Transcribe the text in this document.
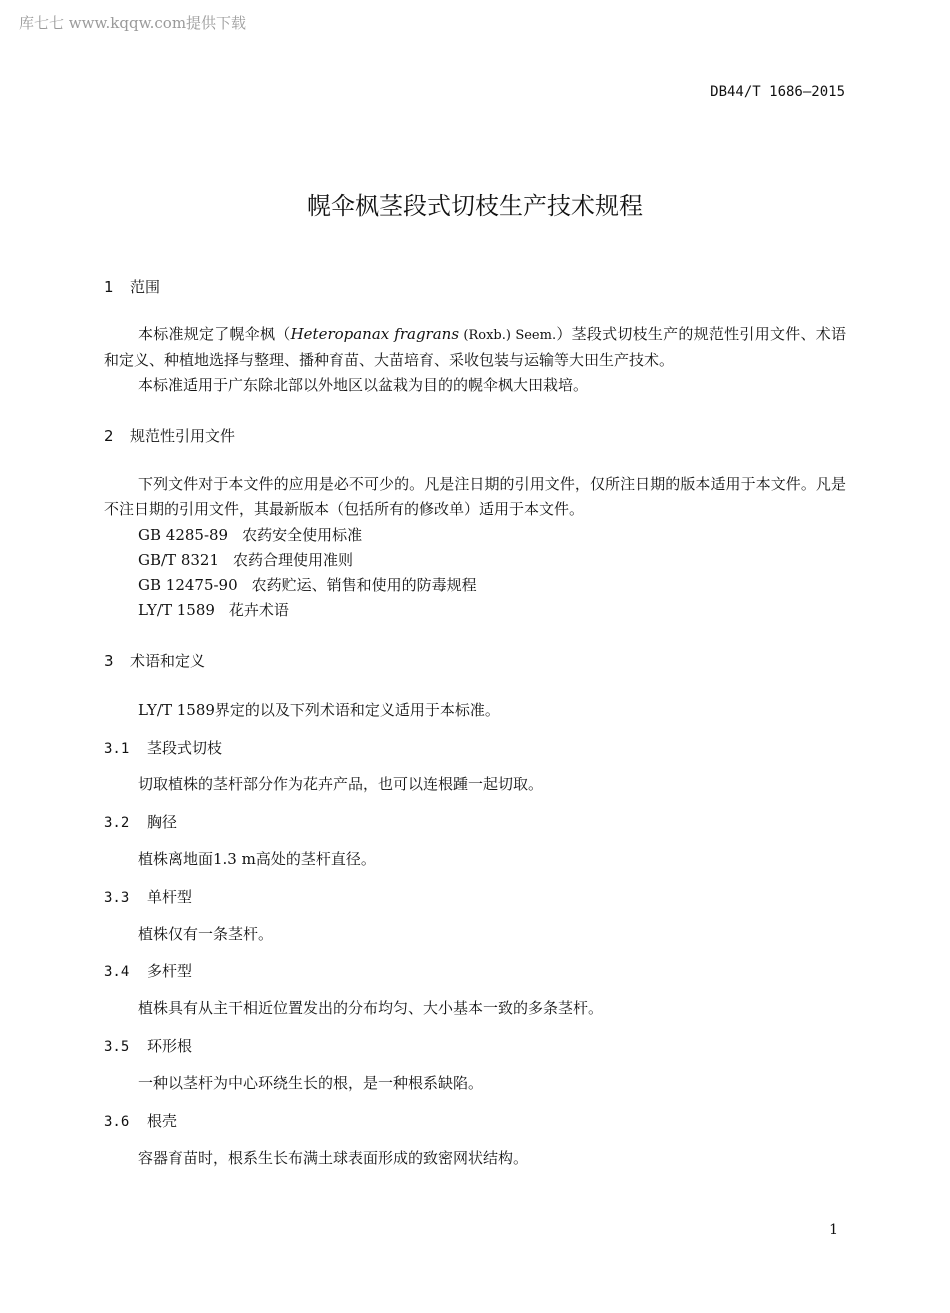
库七七 www.kqqw.com提供下载
DB44/T 1686—2015
幌伞枫茎段式切枝生产技术规程
1 范围
本标准规定了幌伞枫（Heteropanax fragrans (Roxb.) Seem.）茎段式切枝生产的规范性引用文件、术语和定义、种植地选择与整理、播种育苗、大苗培育、采收包装与运输等大田生产技术。
本标准适用于广东除北部以外地区以盆栽为目的的幌伞枫大田栽培。
2 规范性引用文件
下列文件对于本文件的应用是必不可少的。凡是注日期的引用文件，仅所注日期的版本适用于本文件。凡是不注日期的引用文件，其最新版本（包括所有的修改单）适用于本文件。
GB 4285-89 农药安全使用标准
GB/T 8321 农药合理使用准则
GB 12475-90 农药贮运、销售和使用的防毒规程
LY/T 1589 花卉术语
3 术语和定义
LY/T 1589界定的以及下列术语和定义适用于本标准。
3.1 茎段式切枝
切取植株的茎杆部分作为花卉产品，也可以连根踵一起切取。
3.2 胸径
植株离地面1.3 m高处的茎杆直径。
3.3 单杆型
植株仅有一条茎杆。
3.4 多杆型
植株具有从主干相近位置发出的分布均匀、大小基本一致的多条茎杆。
3.5 环形根
一种以茎杆为中心环绕生长的根，是一种根系缺陷。
3.6 根壳
容器育苗时，根系生长布满土球表面形成的致密网状结构。
1
